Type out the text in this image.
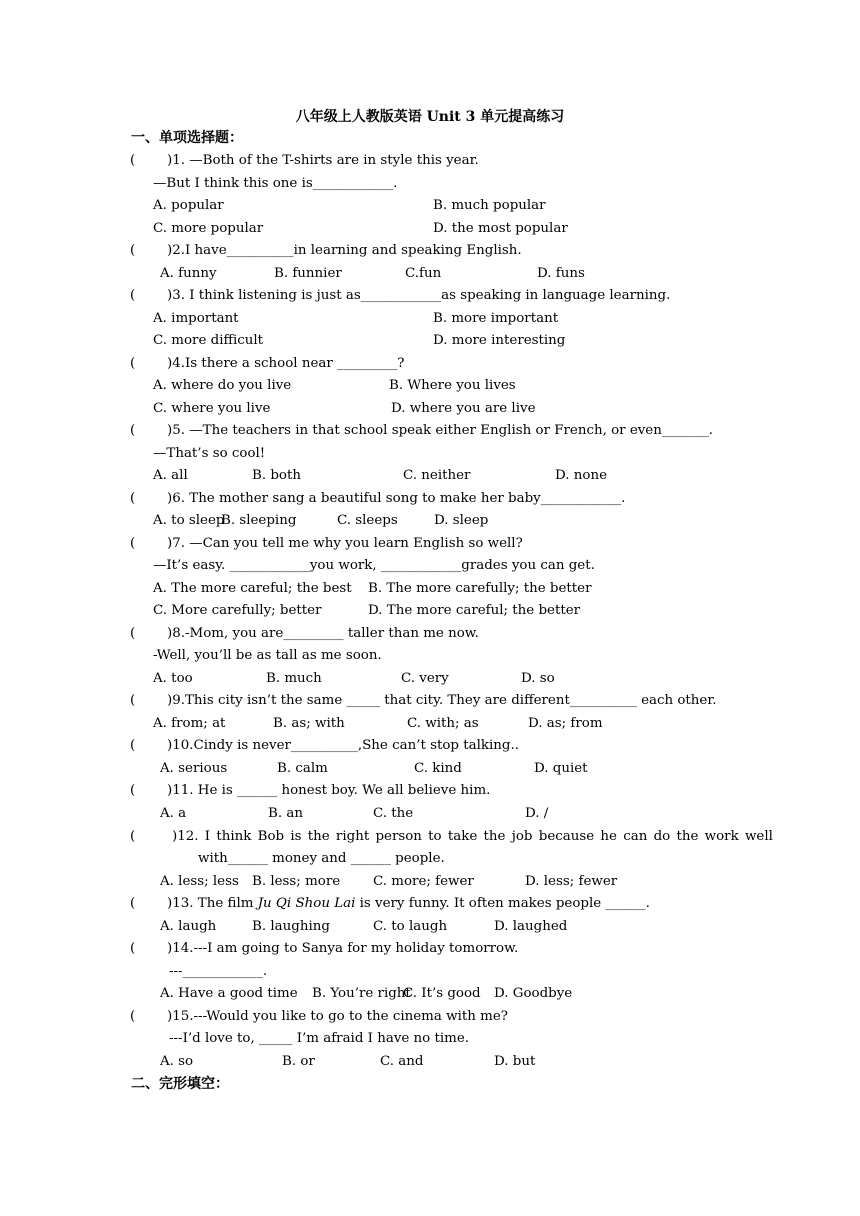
八年级上人教版英语 Unit 3 单元提高练习
一、单项选择题：
( )1. —Both of the T-shirts are in style this year.
—But I think this one is____________.
A. popular	B. much popular
C. more popular	D. the most popular
( )2.I have__________in learning and speaking English.
A. funny	B. funnier	C.fun	D. funs
( )3. I think listening is just as____________as speaking in language learning.
A. important	B. more important
C. more difficult	D. more interesting
( )4.Is there a school near _________?
A. where do you live	B. Where you lives
C. where you live	D. where you are live
( )5. —The teachers in that school speak either English or French, or even_______.
—That’s so cool!
A. all	B. both	C. neither	D. none
( )6. The mother sang a beautiful song to make her baby____________.
A. to sleep
B. sleeping	C. sleeps	D. sleep
( )7. —Can you tell me why you learn English so well?
—It’s easy. ____________you work, ____________grades you can get.
A. The more careful; the best B. The more carefully; the better
C. More carefully; better	D. The more careful; the better
( )8.-Mom, you are_________ taller than me now.
-Well, you’ll be as tall as me soon.
A. too	B. much	C. very	D. so
( )9.This city isn’t the same _____ that city. They are different__________ each other.
A. from; at	B. as; with	C. with; as	D. as; from
( )10.Cindy is never__________,She can’t stop talking..
A. serious	B. calm	C. kind	D. quiet
( )11. He is ______ honest boy. We all believe him.
A. a	B. an	C. the	D. /
(	)12. I think Bob is the right person to take the job because he can do the work well
with______ money and ______ people.
A. less; less B. less; more C. more; fewer	D. less; fewer
( )13. The film Ju Qi Shou Lai is very funny. It often makes people ______.
A. laugh	B. laughing	C. to laugh	D. laughed
( )14.---I am going to Sanya for my holiday tomorrow.
---____________.
A. Have a good time B. You’re right
C. It’s good D. Goodbye
( )15.---Would you like to go to the cinema with me?
---I’d love to, _____ I’m afraid I have no time.
A. so	B. or	C. and	D. but
二、完形填空：
